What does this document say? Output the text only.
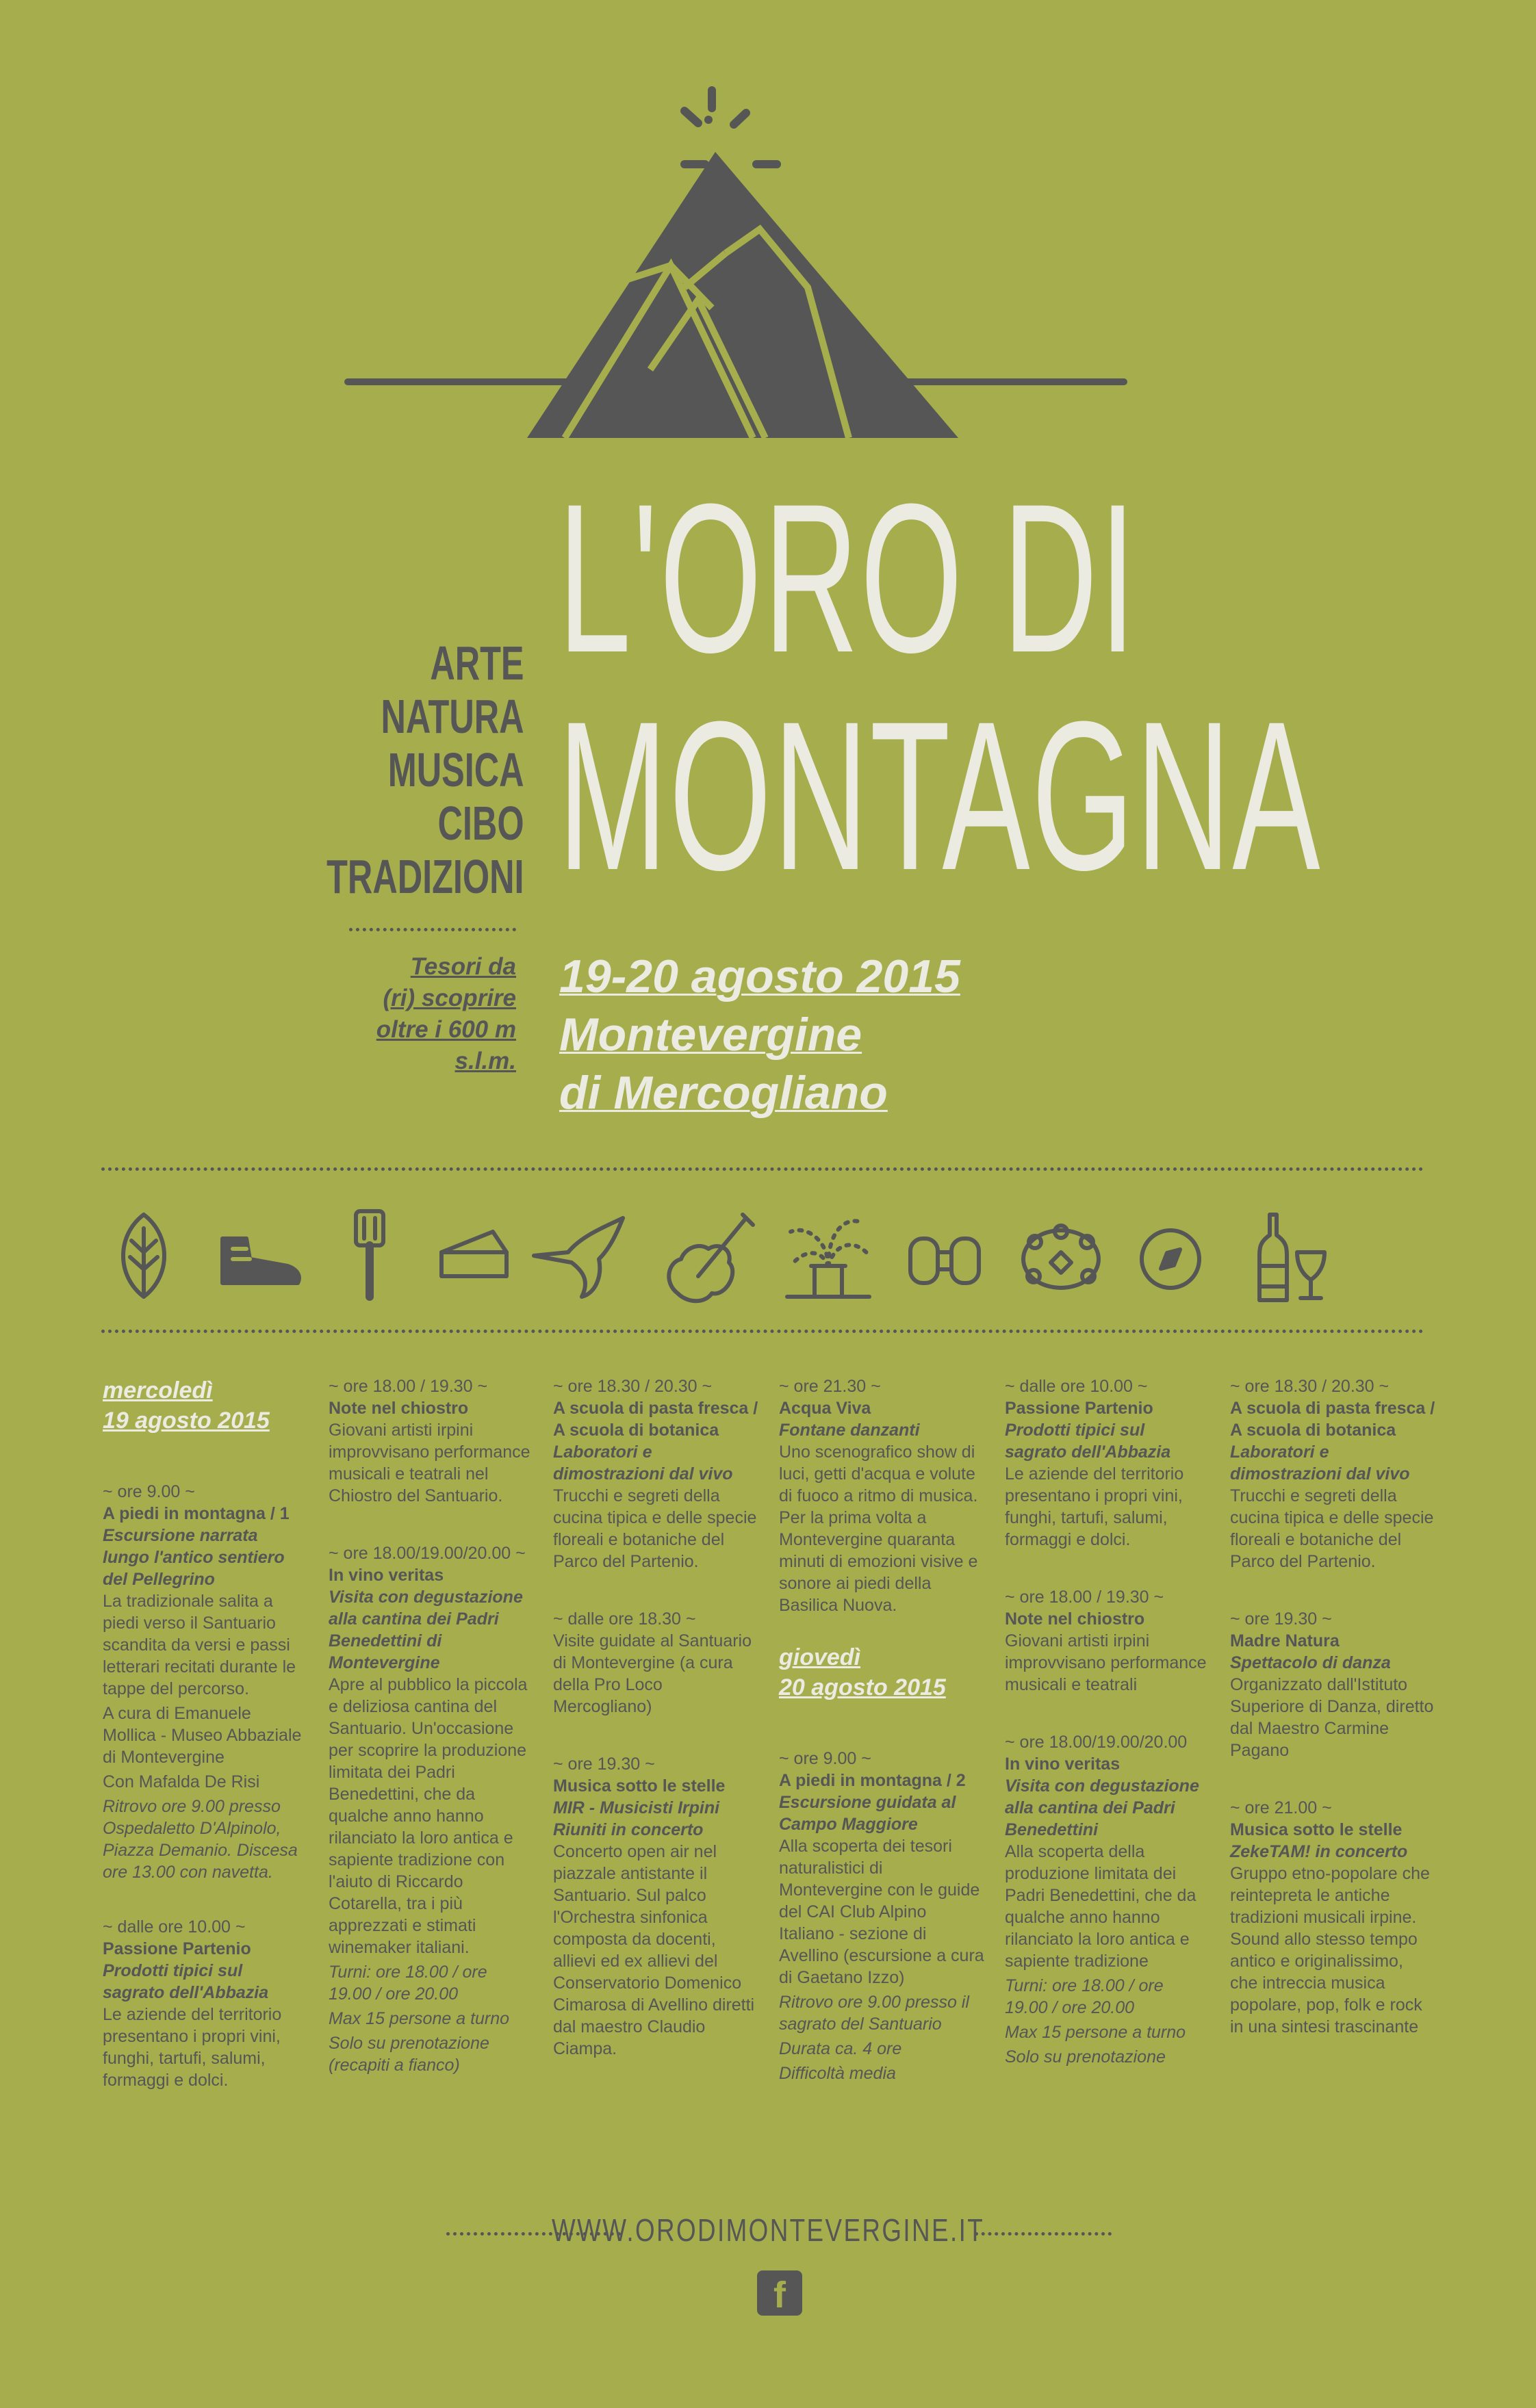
L'ORO DI
MONTAGNA
ARTE
NATURA
MUSICA
CIBO
TRADIZIONI
Tesori da
(ri) scoprire
oltre i 600 m
s.l.m.
19-20 agosto 2015
Montevergine
di Mercogliano
mercoledì
19 agosto 2015
~ ore 9.00 ~
A piedi in montagna / 1
Escursione narrata lungo l'antico sentiero del Pellegrino
La tradizionale salita a piedi verso il Santuario scandita da versi e passi letterari recitati durante le tappe del percorso.
A cura di Emanuele Mollica - Museo Abbaziale di Montevergine
Con Mafalda De Risi
Ritrovo ore 9.00 presso Ospedaletto D'Alpinolo, Piazza Demanio. Discesa ore 13.00 con navetta.
~ dalle ore 10.00 ~
Passione Partenio
Prodotti tipici sul sagrato dell'Abbazia
Le aziende del territorio presentano i propri vini, funghi, tartufi, salumi, formaggi e dolci.
~ ore 18.00 / 19.30 ~
Note nel chiostro
Giovani artisti irpini improvvisano performance musicali e teatrali nel Chiostro del Santuario.
~ ore 18.00/19.00/20.00 ~
In vino veritas
Visita con degustazione alla cantina dei Padri Benedettini di Montevergine
Apre al pubblico la piccola e deliziosa cantina del Santuario. Un'occasione per scoprire la produzione limitata dei Padri Benedettini, che da qualche anno hanno rilanciato la loro antica e sapiente tradizione con l'aiuto di Riccardo Cotarella, tra i più apprezzati e stimati winemaker italiani.
Turni: ore 18.00 / ore 19.00 / ore 20.00
Max 15 persone a turno
Solo su prenotazione (recapiti a fianco)
~ ore 18.30 / 20.30 ~
A scuola di pasta fresca / A scuola di botanica
Laboratori e dimostrazioni dal vivo
Trucchi e segreti della cucina tipica e delle specie floreali e botaniche del Parco del Partenio.
~ dalle ore 18.30 ~
Visite guidate al Santuario di Montevergine (a cura della Pro Loco Mercogliano)
~ ore 19.30 ~
Musica sotto le stelle
MIR - Musicisti Irpini Riuniti in concerto
Concerto open air nel piazzale antistante il Santuario. Sul palco l'Orchestra sinfonica composta da docenti, allievi ed ex allievi del Conservatorio Domenico Cimarosa di Avellino diretti dal maestro Claudio Ciampa.
~ ore 21.30 ~
Acqua Viva
Fontane danzanti
Uno scenografico show di luci, getti d'acqua e volute di fuoco a ritmo di musica. Per la prima volta a Montevergine quaranta minuti di emozioni visive e sonore ai piedi della Basilica Nuova.
giovedì
20 agosto 2015
~ ore 9.00 ~
A piedi in montagna / 2
Escursione guidata al Campo Maggiore
Alla scoperta dei tesori naturalistici di Montevergine con le guide del CAI Club Alpino Italiano - sezione di Avellino (escursione a cura di Gaetano Izzo)
Ritrovo ore 9.00 presso il sagrato del Santuario
Durata ca. 4 ore
Difficoltà media
~ dalle ore 10.00 ~
Passione Partenio
Prodotti tipici sul sagrato dell'Abbazia
Le aziende del territorio presentano i propri vini, funghi, tartufi, salumi, formaggi e dolci.
~ ore 18.00 / 19.30 ~
Note nel chiostro
Giovani artisti irpini improvvisano performance musicali e teatrali
~ ore 18.00/19.00/20.00
In vino veritas
Visita con degustazione alla cantina dei Padri Benedettini
Alla scoperta della produzione limitata dei Padri Benedettini, che da qualche anno hanno rilanciato la loro antica e sapiente tradizione
Turni: ore 18.00 / ore 19.00 / ore 20.00
Max 15 persone a turno
Solo su prenotazione
~ ore 18.30 / 20.30 ~
A scuola di pasta fresca / A scuola di botanica
Laboratori e dimostrazioni dal vivo
Trucchi e segreti della cucina tipica e delle specie floreali e botaniche del Parco del Partenio.
~ ore 19.30 ~
Madre Natura
Spettacolo di danza
Organizzato dall'Istituto Superiore di Danza, diretto dal Maestro Carmine Pagano
~ ore 21.00 ~
Musica sotto le stelle
ZekeTAM! in concerto
Gruppo etno-popolare che reintepreta le antiche tradizioni musicali irpine. Sound allo stesso tempo antico e originalissimo, che intreccia musica popolare, pop, folk e rock in una sintesi trascinante
WWW.ORODIMONTEVERGINE.IT
f
